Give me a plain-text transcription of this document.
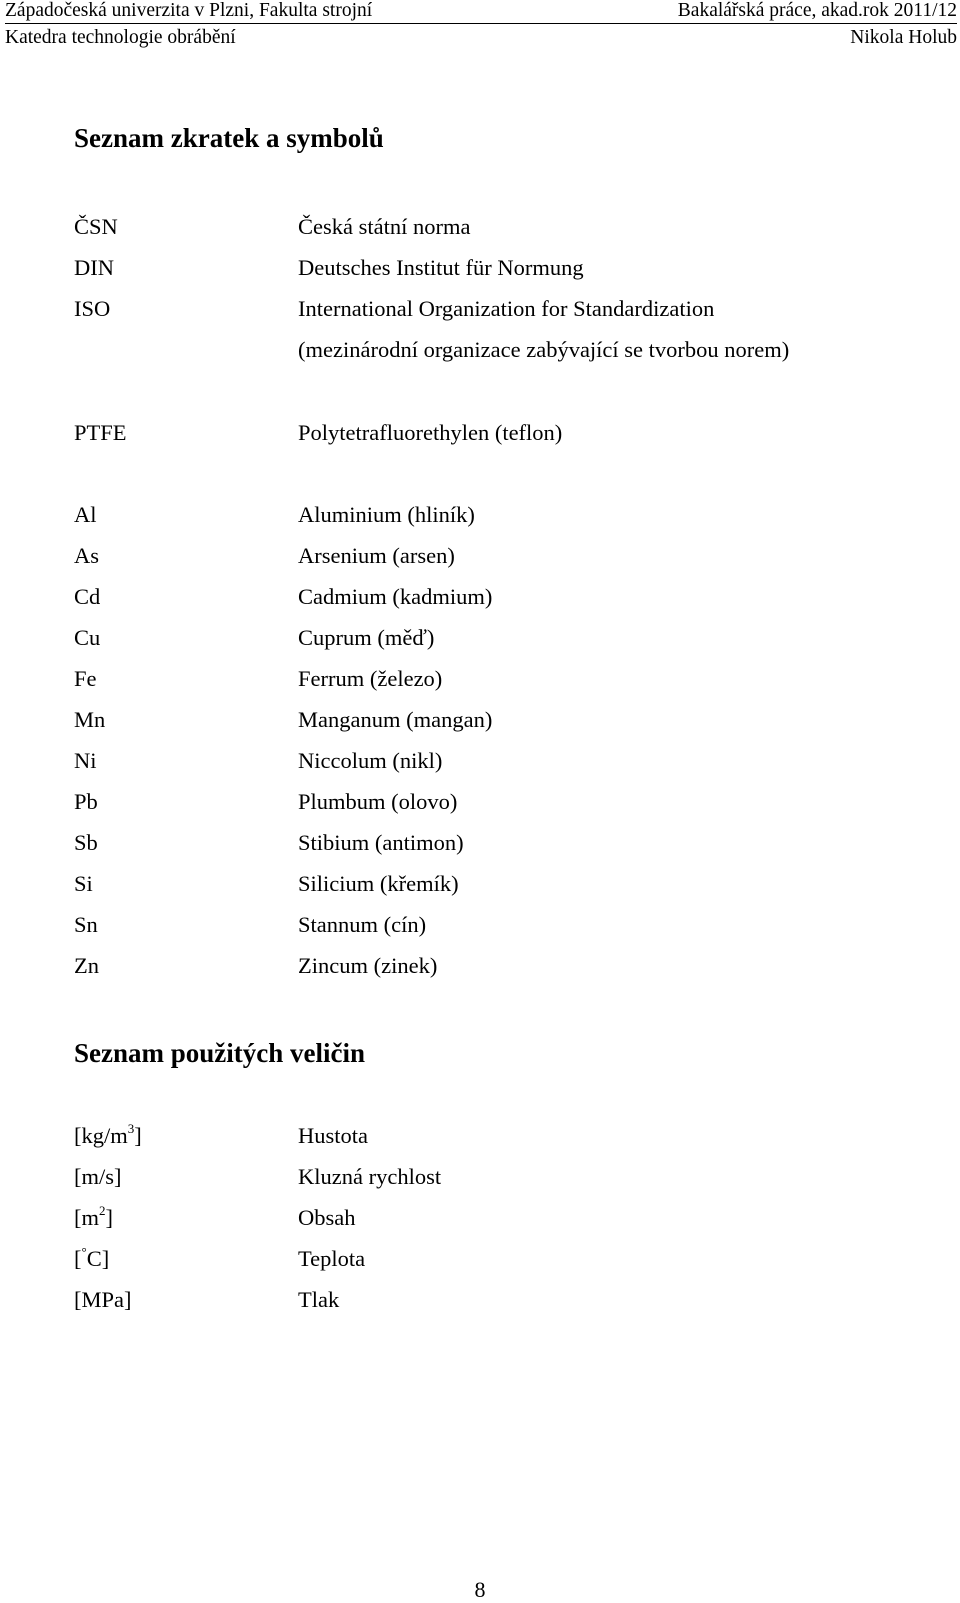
Západočeská univerzita v Plzni, Fakulta strojní	Bakalářská práce, akad.rok 2011/12
Katedra technologie obrábění	Nikola Holub
Seznam zkratek a symbolů
ČSN	Česká státní norma
DIN	Deutsches Institut für Normung
ISO	International Organization for Standardization
(mezinárodní organizace zabývající se tvorbou norem)
PTFE	Polytetrafluorethylen (teflon)
Al	Aluminium (hliník)
As	Arsenium (arsen)
Cd	Cadmium (kadmium)
Cu	Cuprum (měď)
Fe	Ferrum (železo)
Mn	Manganum (mangan)
Ni	Niccolum (nikl)
Pb	Plumbum (olovo)
Sb	Stibium (antimon)
Si	Silicium (křemík)
Sn	Stannum (cín)
Zn	Zincum (zinek)
Seznam použitých veličin
$[kg/m^3]$	Hustota
[m/s]	Kluzná rychlost
$[m^2]$	Obsah
[°C]	Teplota
[MPa]	Tlak
8
